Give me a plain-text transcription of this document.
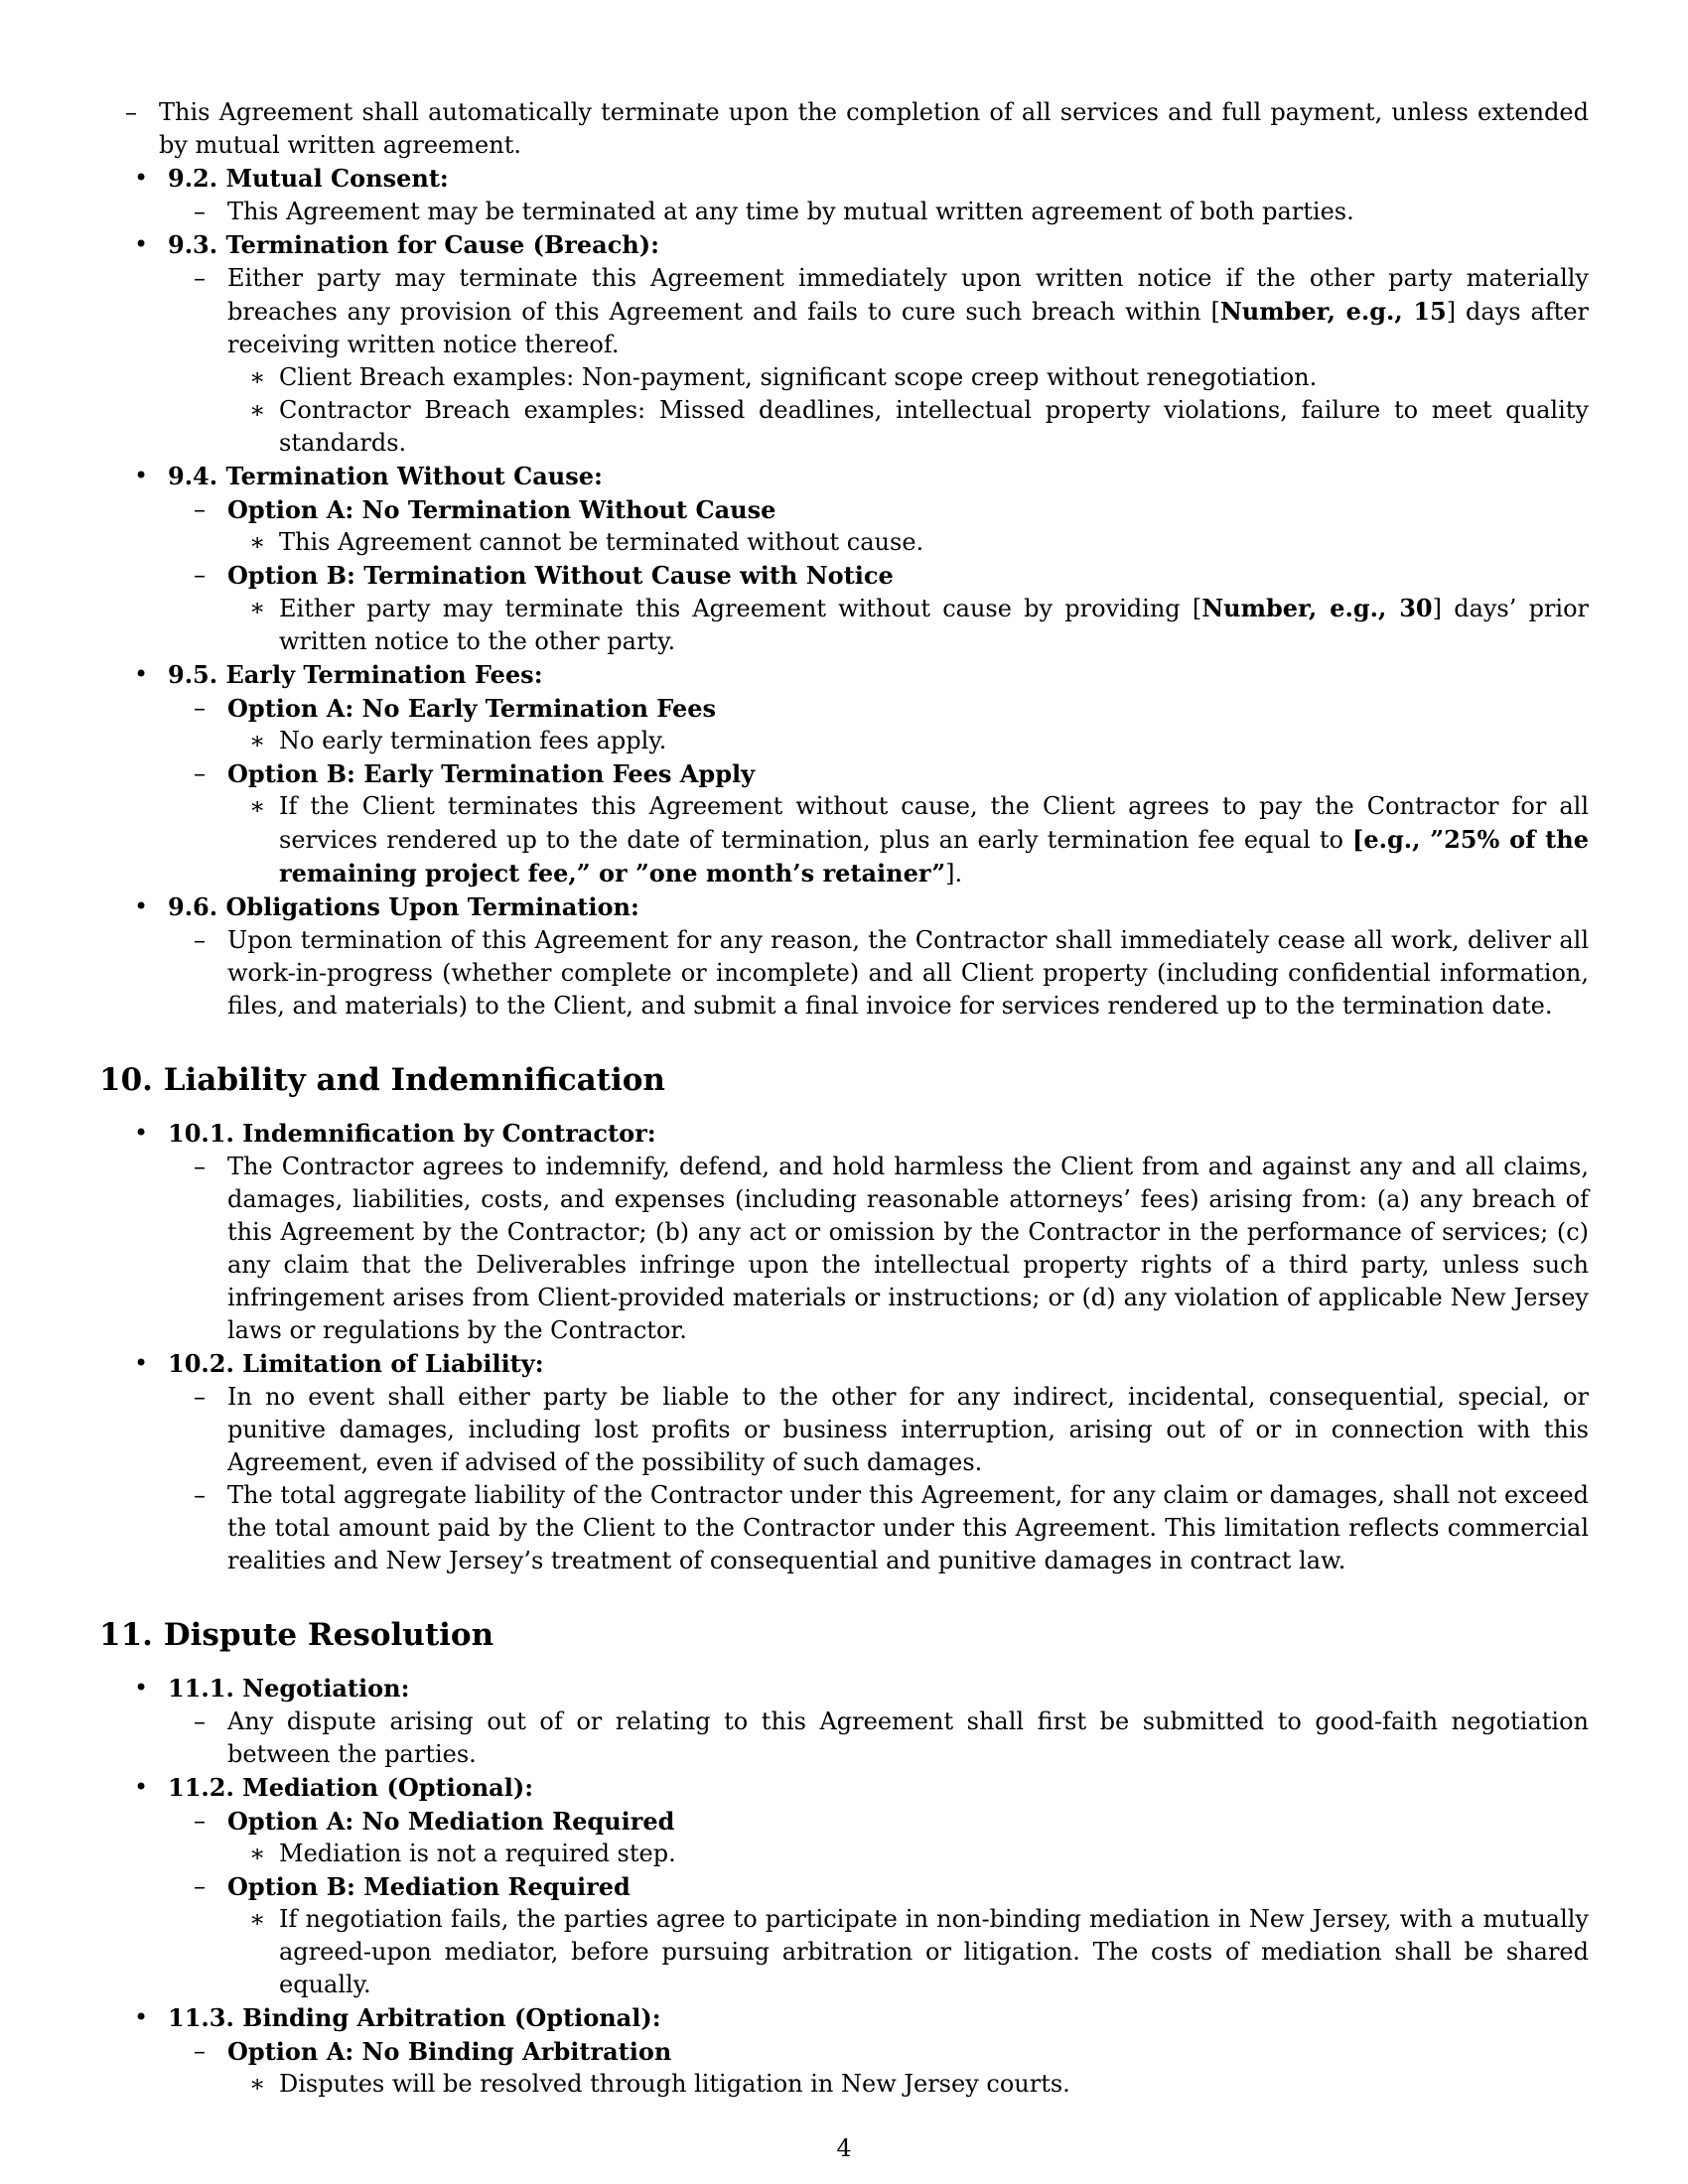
– This Agreement shall automatically terminate upon the completion of all services and full payment, unless extended by mutual written agreement.
• 9.2. Mutual Consent:
– This Agreement may be terminated at any time by mutual written agreement of both parties.
• 9.3. Termination for Cause (Breach):
– Either party may terminate this Agreement immediately upon written notice if the other party materially breaches any provision of this Agreement and fails to cure such breach within [Number, e.g., 15] days after receiving written notice thereof.
∗ Client Breach examples: Non-payment, significant scope creep without renegotiation.
∗ Contractor Breach examples: Missed deadlines, intellectual property violations, failure to meet quality standards.
• 9.4. Termination Without Cause:
– Option A: No Termination Without Cause
∗ This Agreement cannot be terminated without cause.
– Option B: Termination Without Cause with Notice
∗ Either party may terminate this Agreement without cause by providing [Number, e.g., 30] days’ prior written notice to the other party.
• 9.5. Early Termination Fees:
– Option A: No Early Termination Fees
∗ No early termination fees apply.
– Option B: Early Termination Fees Apply
∗ If the Client terminates this Agreement without cause, the Client agrees to pay the Contractor for all services rendered up to the date of termination, plus an early termination fee equal to [e.g., ”25% of the remaining project fee,” or ”one month’s retainer”].
• 9.6. Obligations Upon Termination:
– Upon termination of this Agreement for any reason, the Contractor shall immediately cease all work, deliver all work-in-progress (whether complete or incomplete) and all Client property (including confidential information, files, and materials) to the Client, and submit a final invoice for services rendered up to the termination date.
10. Liability and Indemnification
• 10.1. Indemnification by Contractor:
– The Contractor agrees to indemnify, defend, and hold harmless the Client from and against any and all claims, damages, liabilities, costs, and expenses (including reasonable attorneys’ fees) arising from: (a) any breach of this Agreement by the Contractor; (b) any act or omission by the Contractor in the performance of services; (c) any claim that the Deliverables infringe upon the intellectual property rights of a third party, unless such infringement arises from Client-provided materials or instructions; or (d) any violation of applicable New Jersey laws or regulations by the Contractor.
• 10.2. Limitation of Liability:
– In no event shall either party be liable to the other for any indirect, incidental, consequential, special, or punitive damages, including lost profits or business interruption, arising out of or in connection with this Agreement, even if advised of the possibility of such damages.
– The total aggregate liability of the Contractor under this Agreement, for any claim or damages, shall not exceed the total amount paid by the Client to the Contractor under this Agreement. This limitation reflects commercial realities and New Jersey’s treatment of consequential and punitive damages in contract law.
11. Dispute Resolution
• 11.1. Negotiation:
– Any dispute arising out of or relating to this Agreement shall first be submitted to good-faith negotiation between the parties.
• 11.2. Mediation (Optional):
– Option A: No Mediation Required
∗ Mediation is not a required step.
– Option B: Mediation Required
∗ If negotiation fails, the parties agree to participate in non-binding mediation in New Jersey, with a mutually agreed-upon mediator, before pursuing arbitration or litigation. The costs of mediation shall be shared equally.
• 11.3. Binding Arbitration (Optional):
– Option A: No Binding Arbitration
∗ Disputes will be resolved through litigation in New Jersey courts.
4
